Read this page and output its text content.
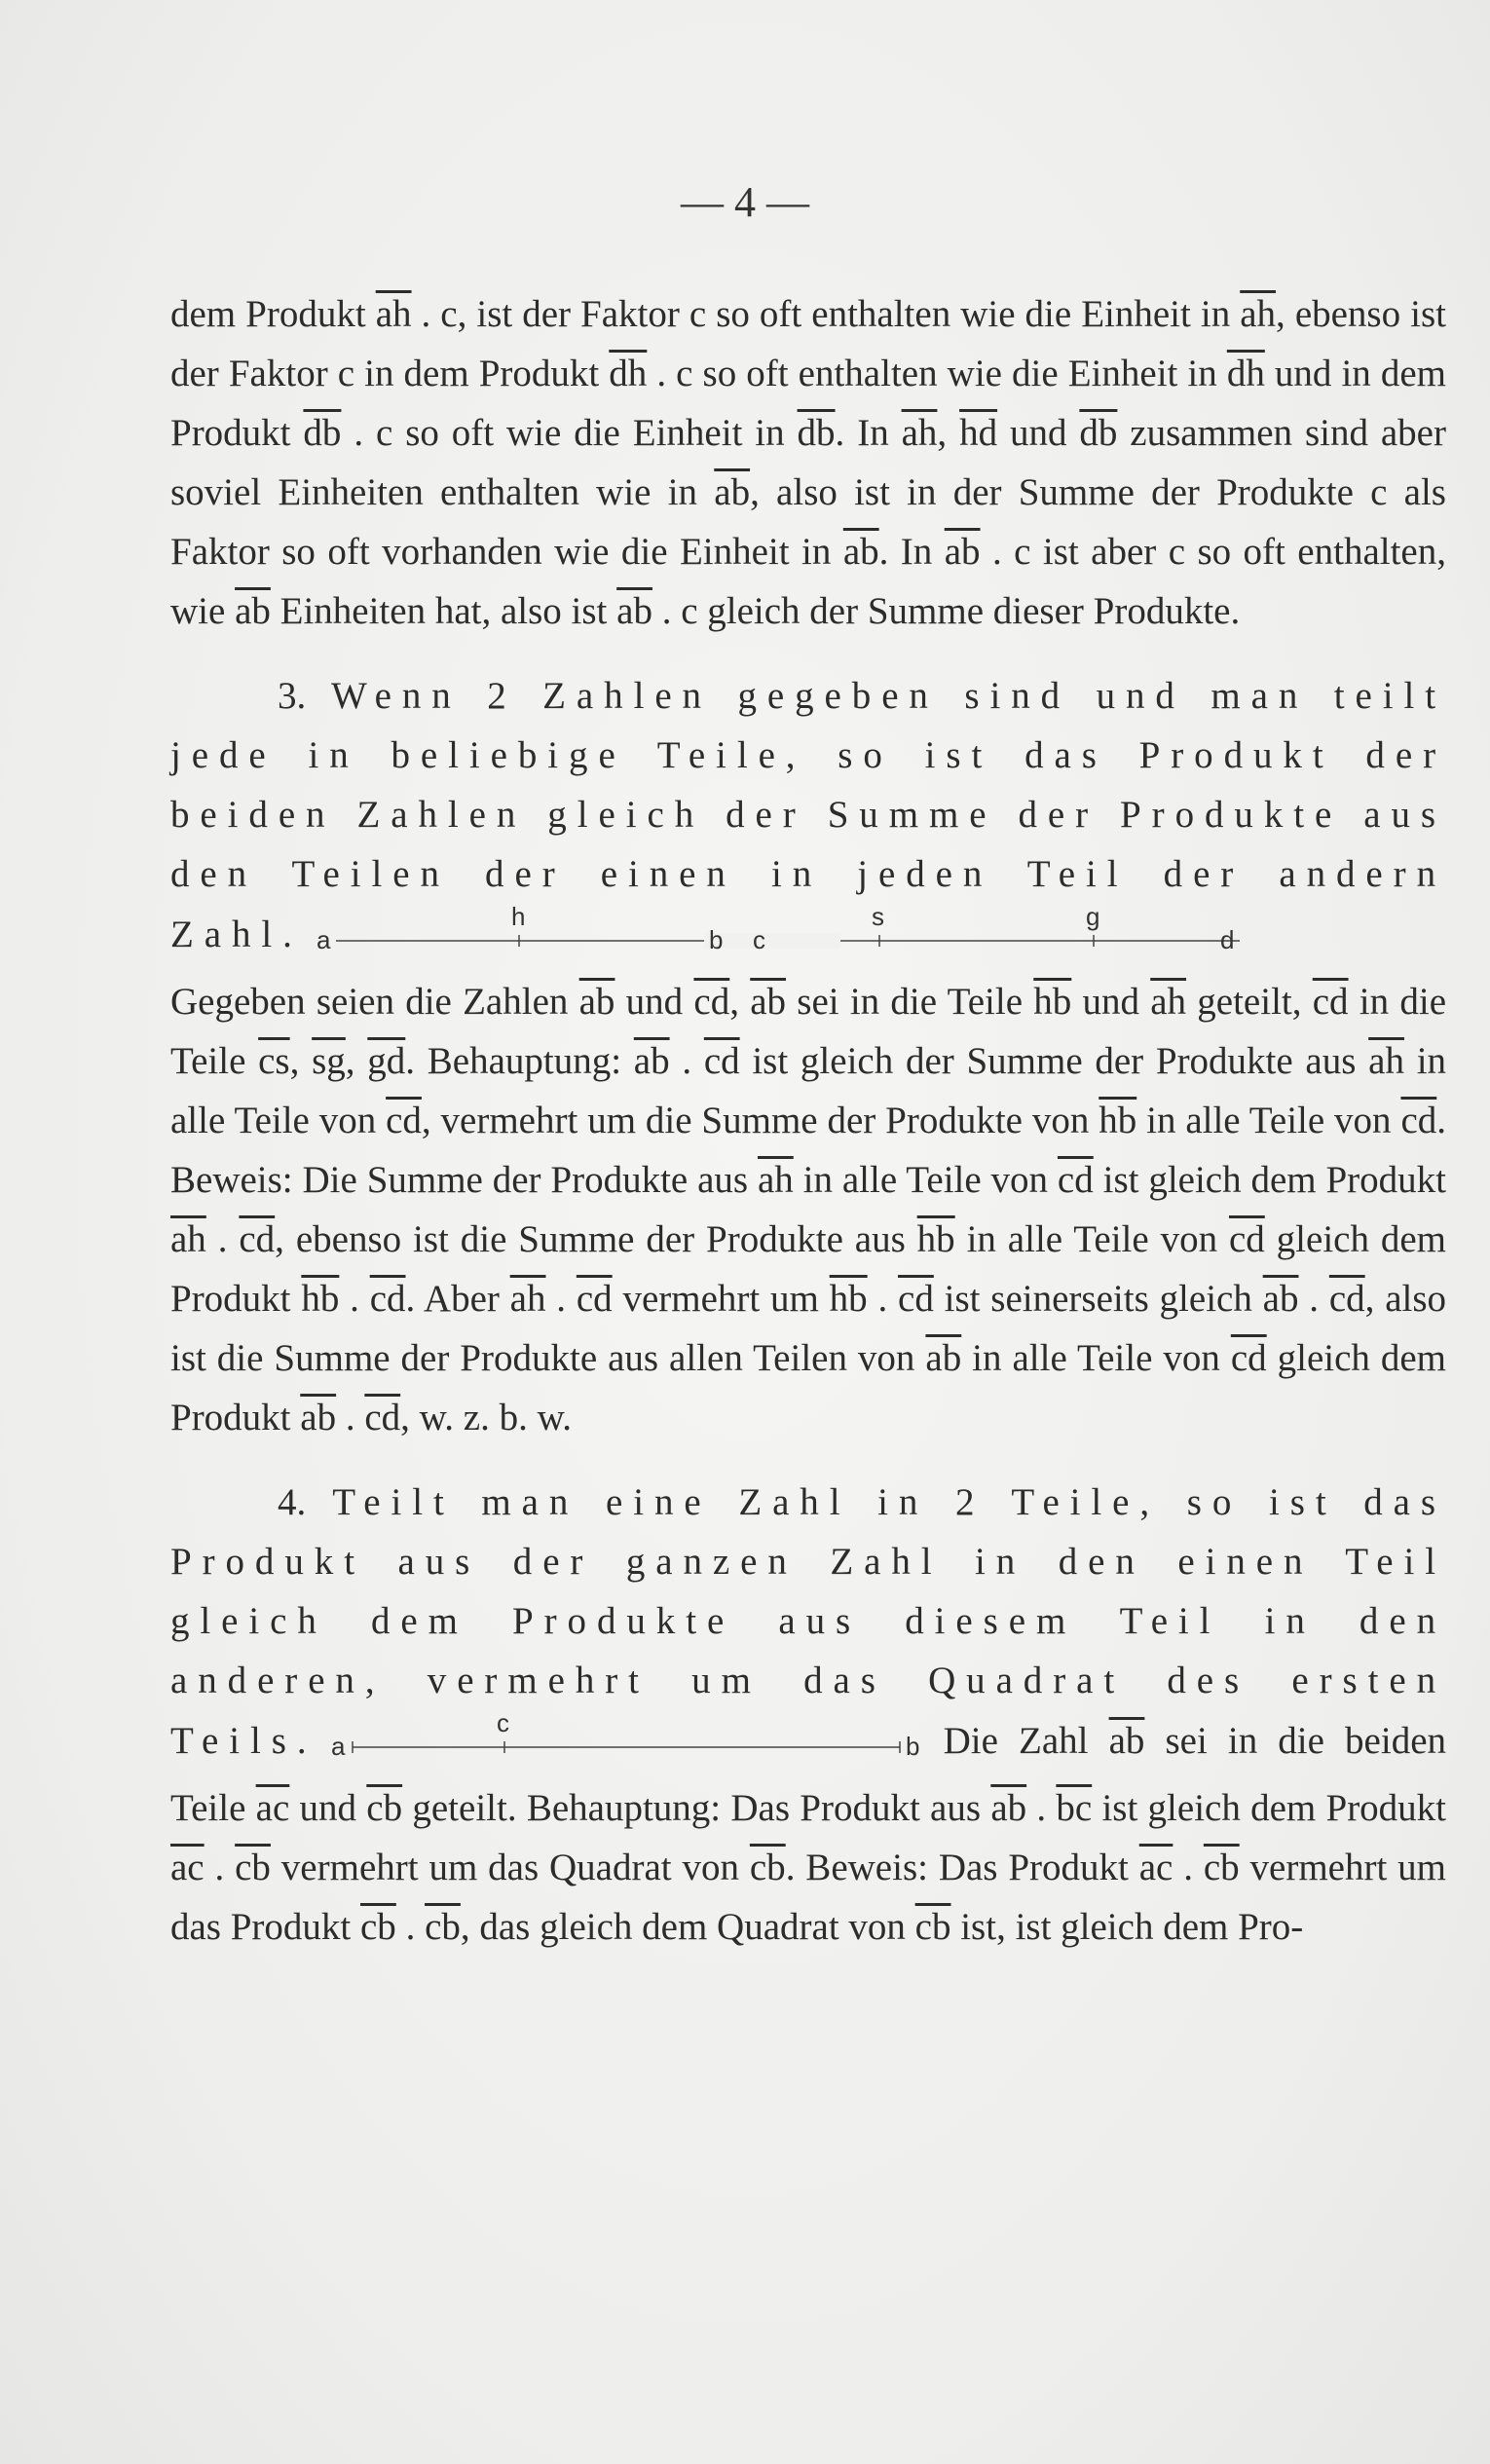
— 4 —

dem Produkt $\overline{ah}$ . c, ist der Faktor c so oft enthalten wie die Einheit in $\overline{ah}$, ebenso ist der Faktor c in dem Produkt $\overline{dh}$ . c so oft enthalten wie die Einheit in $\overline{dh}$ und in dem Produkt $\overline{db}$ . c so oft wie die Einheit in $\overline{db}$. In $\overline{ah}$, $\overline{hd}$ und $\overline{db}$ zusammen sind aber soviel Einheiten enthalten wie in $\overline{ab}$, also ist in der Summe der Produkte c als Faktor so oft vorhanden wie die Einheit in $\overline{ab}$. In $\overline{ab}$ . c ist aber c so oft enthalten, wie $\overline{ab}$ Einheiten hat, also ist $\overline{ab}$ . c gleich der Summe dieser Produkte.

3. Wenn 2 Zahlen gegeben sind und man teilt jede in beliebige Teile, so ist das Produkt der beiden Zahlen gleich der Summe der Produkte aus den Teilen der einen in jeden Teil der andern Zahl. a
h
b c
s	g
d

Gegeben seien die Zahlen $\overline{ab}$ und $\overline{cd}$, $\overline{ab}$ sei in die Teile $\overline{hb}$ und $\overline{ah}$ geteilt, $\overline{cd}$ in die Teile $\overline{cs}$, $\overline{sg}$, $\overline{gd}$. Behauptung: $\overline{ab}$ . $\overline{cd}$ ist gleich der Summe der Produkte aus $\overline{ah}$ in alle Teile von $\overline{cd}$, vermehrt um die Summe der Produkte von $\overline{hb}$ in alle Teile von $\overline{cd}$. Beweis: Die Summe der Produkte aus $\overline{ah}$ in alle Teile von $\overline{cd}$ ist gleich dem Produkt $\overline{ah}$ . $\overline{cd}$, ebenso ist die Summe der Produkte aus $\overline{hb}$ in alle Teile von $\overline{cd}$ gleich dem Produkt $\overline{hb}$ . $\overline{cd}$. Aber $\overline{ah}$ . $\overline{cd}$ vermehrt um $\overline{hb}$ . $\overline{cd}$ ist seinerseits gleich $\overline{ab}$ . $\overline{cd}$, also ist die Summe der Produkte aus allen Teilen von $\overline{ab}$ in alle Teile von $\overline{cd}$ gleich dem Produkt $\overline{ab}$ . $\overline{cd}$, w. z. b. w.

4. Teilt man eine Zahl in 2 Teile, so ist das Produkt aus der ganzen Zahl in den einen Teil gleich dem Produkte aus diesem Teil in den anderen, vermehrt um das Quadrat des ersten Teils. a
c
b Die Zahl $\overline{ab}$ sei in die beiden Teile $\overline{ac}$ und $\overline{cb}$ geteilt. Behauptung: Das Produkt aus $\overline{ab}$ . $\overline{bc}$ ist gleich dem Produkt $\overline{ac}$ . $\overline{cb}$ vermehrt um das Quadrat von $\overline{cb}$. Beweis: Das Produkt $\overline{ac}$ . $\overline{cb}$ vermehrt um das Produkt $\overline{cb}$ . $\overline{cb}$, das gleich dem Quadrat von $\overline{cb}$ ist, ist gleich dem Pro-
